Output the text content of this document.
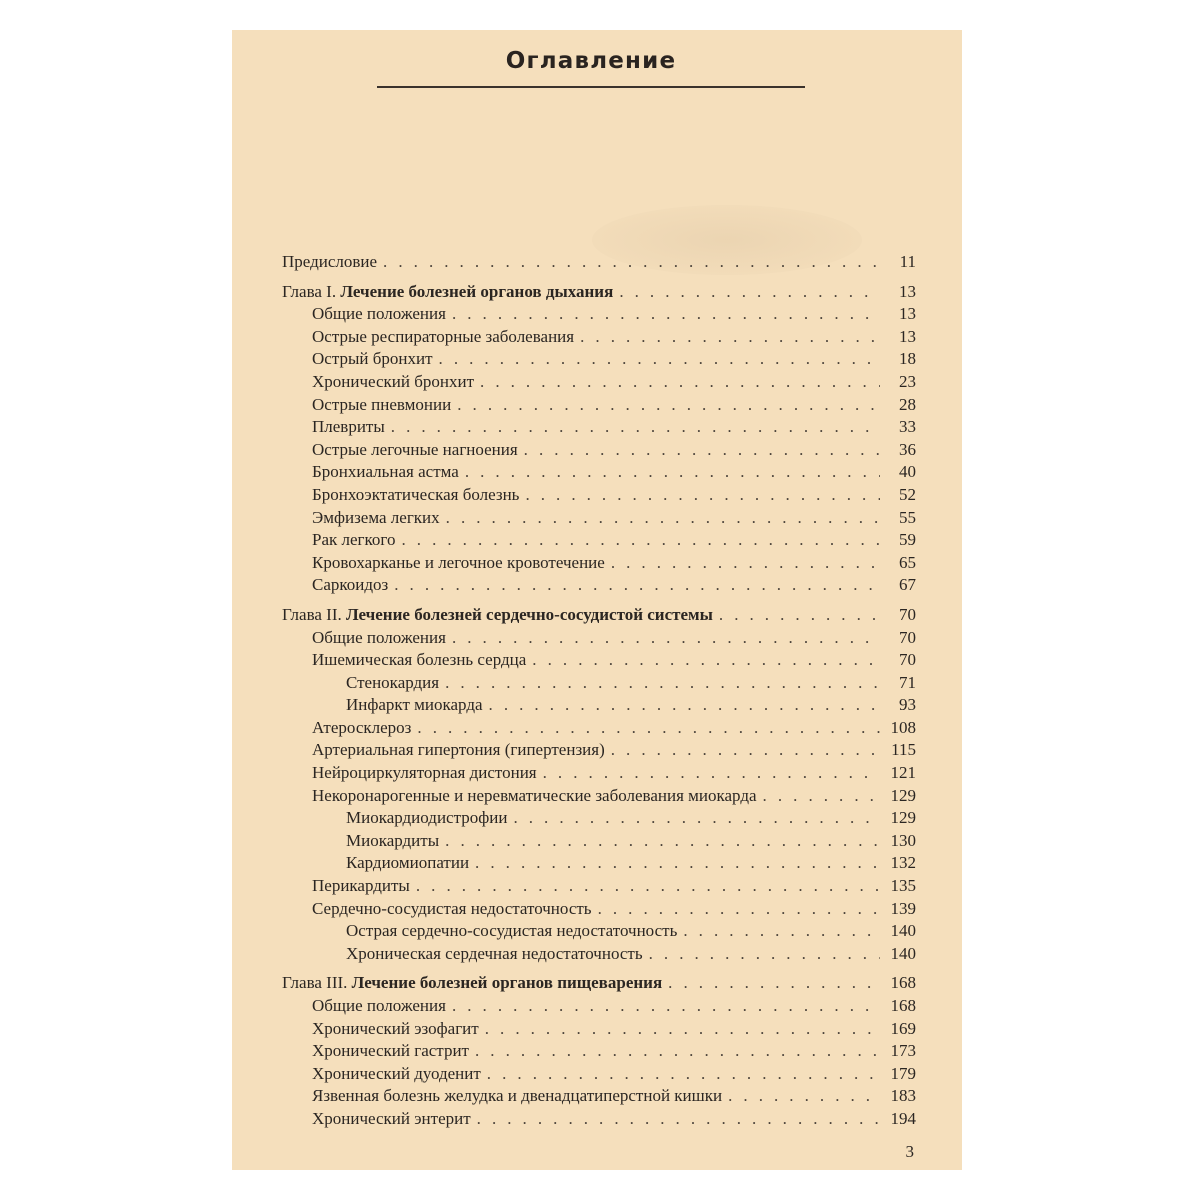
Оглавление
Предисловие . . .	11
Глава I. Лечение болезней органов дыхания . . .	13
Общие положения . . .	13
Острые респираторные заболевания . . .	13
Острый бронхит . . .	18
Хронический бронхит . . .	23
Острые пневмонии . . .	28
Плевриты . . .	33
Острые легочные нагноения . . .	36
Бронхиальная астма . . .	40
Бронхоэктатическая болезнь . . .	52
Эмфизема легких . . .	55
Рак легкого . . .	59
Кровохарканье и легочное кровотечение . . .	65
Саркоидоз . . .	67
Глава II. Лечение болезней сердечно-сосудистой системы . . .	70
Общие положения . . .	70
Ишемическая болезнь сердца . . .	70
Стенокардия . . .	71
Инфаркт миокарда . . .	93
Атеросклероз . . .	108
Артериальная гипертония (гипертензия) . . .	115
Нейроциркуляторная дистония . . .	121
Некоронарогенные и неревматические заболевания миокарда . . .	129
Миокардиодистрофии . . .	129
Миокардиты . . .	130
Кардиомиопатии . . .	132
Перикардиты . . .	135
Сердечно-сосудистая недостаточность . . .	139
Острая сердечно-сосудистая недостаточность . . .	140
Хроническая сердечная недостаточность . . .	140
Глава III. Лечение болезней органов пищеварения . . .	168
Общие положения . . .	168
Хронический эзофагит . . .	169
Хронический гастрит . . .	173
Хронический дуоденит . . .	179
Язвенная болезнь желудка и двенадцатиперстной кишки . . .	183
Хронический энтерит . . .	194
3
